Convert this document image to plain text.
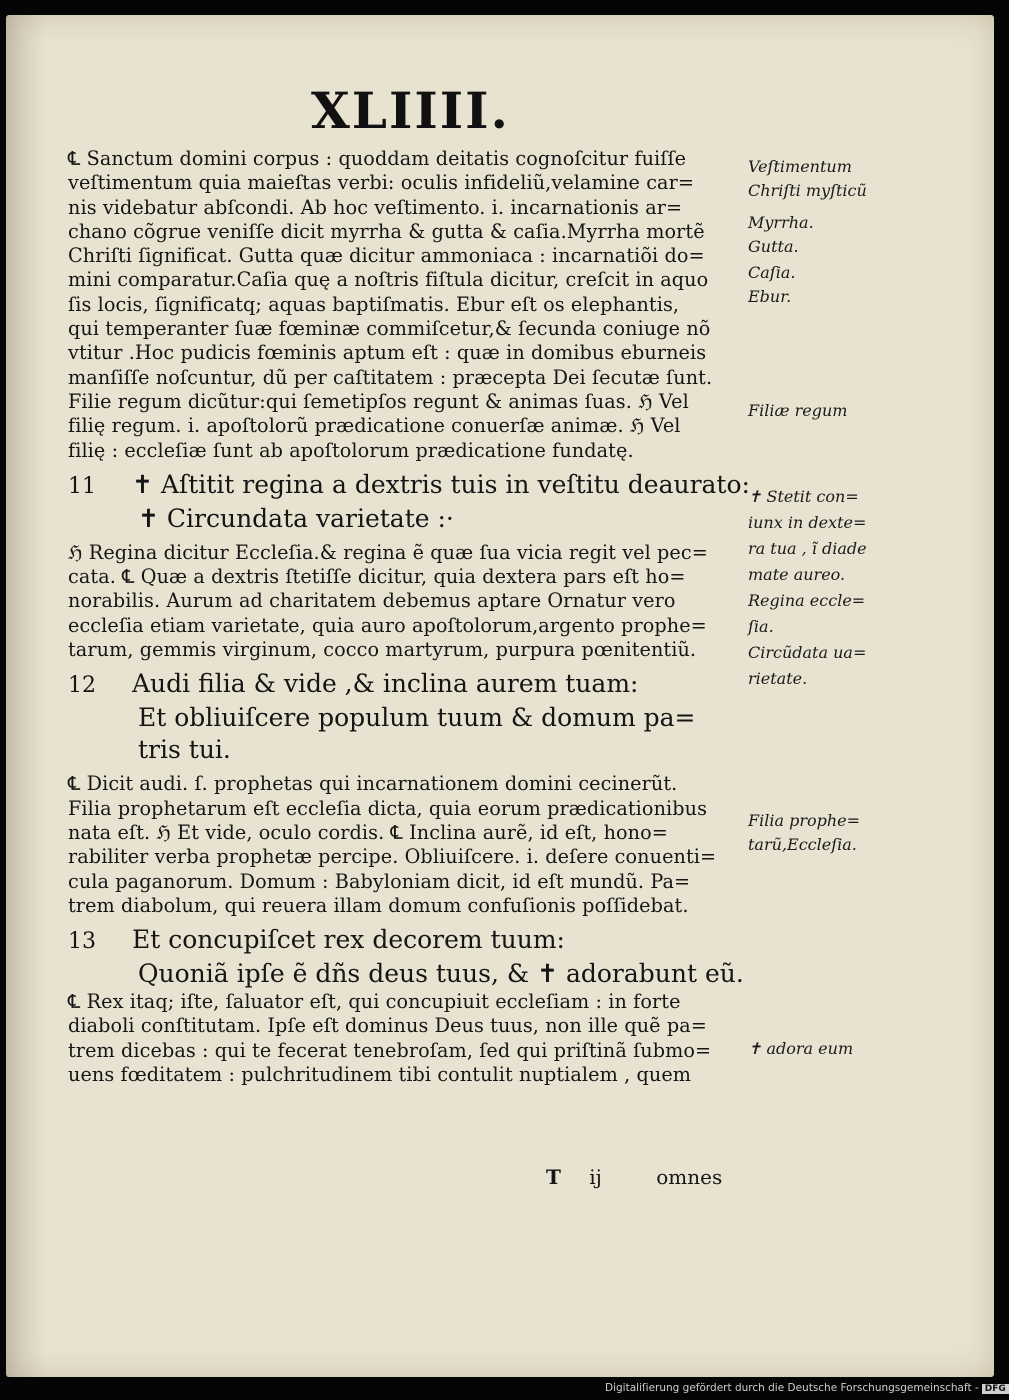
XLIIII.
℄ Sanctum domini corpus : quoddam deitatis cognoſcitur fuiſſe
veſtimentum quia maieſtas verbi: oculis infideliũ,velamine car=
nis videbatur abſcondi. Ab hoc veſtimento. i. incarnationis ar=
chano cõgrue veniſſe dicit myrrha & gutta & caſia.Myrrha mortẽ
Chriſti ſignificat. Gutta quæ dicitur ammoniaca : incarnatiõi do=
mini comparatur.Caſia quę a noſtris fiſtula dicitur, creſcit in aquo
ſis locis, ſignificatq; aquas baptiſmatis. Ebur eſt os elephantis,
qui temperanter ſuæ fœminæ commiſcetur,& ſecunda coniuge nõ
vtitur .Hoc pudicis fœminis aptum eſt : quæ in domibus eburneis
manſiſſe noſcuntur, dũ per caſtitatem : præcepta Dei ſecutæ ſunt.
Filie regum dicũtur:qui ſemetipſos regunt & animas ſuas. ℌ Vel
filię regum. i. apoſtolorũ prædicatione conuerſæ animæ. ℌ Vel
filię : eccleſiæ ſunt ab apoſtolorum prædicatione fundatę.
11 ✝ Aſtitit regina a dextris tuis in veſtitu deaurato:
✝ Circundata varietate :·
ℌ Regina dicitur Eccleſia.& regina ẽ quæ ſua vicia regit vel pec=
cata. ℄ Quæ a dextris ſtetiſſe dicitur, quia dextera pars eſt ho=
norabilis. Aurum ad charitatem debemus aptare Ornatur vero
eccleſia etiam varietate, quia auro apoſtolorum,argento prophe=
tarum, gemmis virginum, cocco martyrum, purpura pœnitentiũ.
12 Audi filia & vide ,& inclina aurem tuam:
Et obliuiſcere populum tuum & domum pa=
tris tui.
℄ Dicit audi. ſ. prophetas qui incarnationem domini cecinerũt.
Filia prophetarum eſt eccleſia dicta, quia eorum prædicationibus
nata eſt. ℌ Et vide, oculo cordis. ℄ Inclina aurẽ, id eſt, hono=
rabiliter verba prophetæ percipe. Obliuiſcere. i. deſere conuenti=
cula paganorum. Domum : Babyloniam dicit, id eſt mundũ. Pa=
trem diabolum, qui reuera illam domum confuſionis poſſidebat.
13 Et concupiſcet rex decorem tuum:
Quoniã ipſe ẽ dñs deus tuus, & ✝ adorabunt eũ.
℄ Rex itaq; iſte, ſaluator eſt, qui concupiuit eccleſiam : in forte
diaboli conſtitutam. Ipſe eſt dominus Deus tuus, non ille quẽ pa=
trem dicebas : qui te fecerat tenebroſam, ſed qui priſtinã ſubmo=
uens fœditatem : pulchritudinem tibi contulit nuptialem , quem
Veſtimentum
Chriſti myſticũ
Myrrha.
Gutta.
Caſia.
Ebur.
Filiæ regum
✝ Stetit con=
iunx in dexte=
ra tua , ĩ diade
mate aureo.
Regina eccle=
ſia.
Circũdata ua=
rietate.
Filia prophe=
tarũ,Eccleſia.
✝ adora eum
T ij	omnes
Digitaliſierung gefördert durch die Deutsche Forschungsgemeinschaft - DFG
